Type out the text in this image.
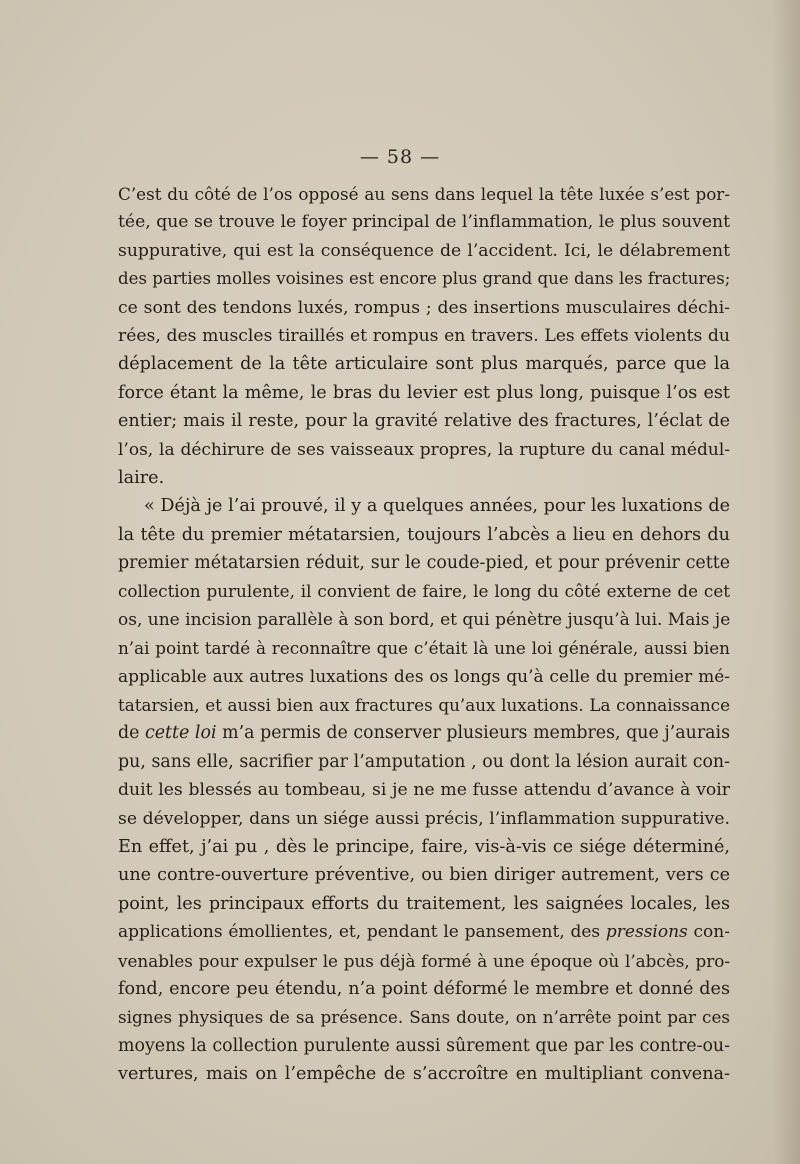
— 58 —
C’est du côté de l’os opposé au sens dans lequel la tête luxée s’est por-
tée, que se trouve le foyer principal de l’inflammation, le plus souvent
suppurative, qui est la conséquence de l’accident. Ici, le délabrement
des parties molles voisines est encore plus grand que dans les fractures;
ce sont des tendons luxés, rompus ; des insertions musculaires déchi-
rées, des muscles tiraillés et rompus en travers. Les effets violents du
déplacement de la tête articulaire sont plus marqués, parce que la
force étant la même, le bras du levier est plus long, puisque l’os est
entier; mais il reste, pour la gravité relative des fractures, l’éclat de
l’os, la déchirure de ses vaisseaux propres, la rupture du canal médul-
laire.
« Déjà je l’ai prouvé, il y a quelques années, pour les luxations de
la tête du premier métatarsien, toujours l’abcès a lieu en dehors du
premier métatarsien réduit, sur le coude-pied, et pour prévenir cette
collection purulente, il convient de faire, le long du côté externe de cet
os, une incision parallèle à son bord, et qui pénètre jusqu’à lui. Mais je
n’ai point tardé à reconnaître que c’était là une loi générale, aussi bien
applicable aux autres luxations des os longs qu’à celle du premier mé-
tatarsien, et aussi bien aux fractures qu’aux luxations. La connaissance
de cette loi m’a permis de conserver plusieurs membres, que j’aurais
pu, sans elle, sacrifier par l’amputation , ou dont la lésion aurait con-
duit les blessés au tombeau, si je ne me fusse attendu d’avance à voir
se développer, dans un siége aussi précis, l’inflammation suppurative.
En effet, j’ai pu , dès le principe, faire, vis-à-vis ce siége déterminé,
une contre-ouverture préventive, ou bien diriger autrement, vers ce
point, les principaux efforts du traitement, les saignées locales, les
applications émollientes, et, pendant le pansement, des pressions con-
venables pour expulser le pus déjà formé à une époque où l’abcès, pro-
fond, encore peu étendu, n’a point déformé le membre et donné des
signes physiques de sa présence. Sans doute, on n’arrête point par ces
moyens la collection purulente aussi sûrement que par les contre-ou-
vertures, mais on l’empêche de s’accroître en multipliant convena-
